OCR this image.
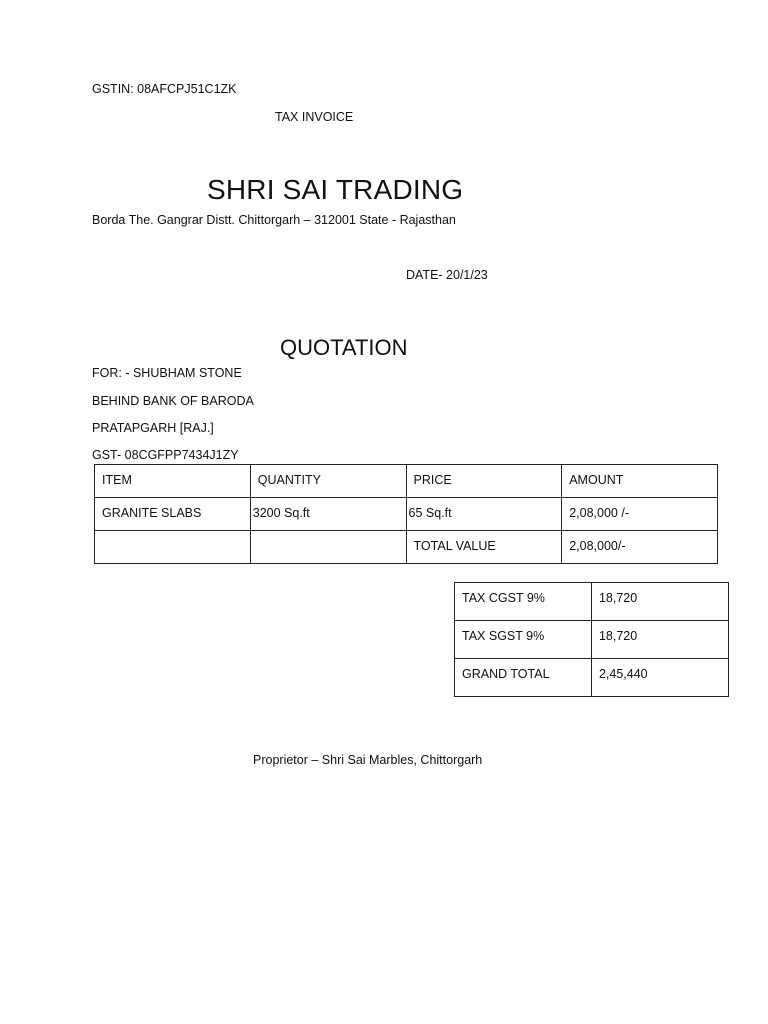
GSTIN: 08AFCPJ51C1ZK
TAX INVOICE
SHRI SAI TRADING
Borda The. Gangrar Distt. Chittorgarh – 312001 State - Rajasthan
DATE- 20/1/23
QUOTATION
FOR: - SHUBHAM STONE
BEHIND BANK OF BARODA
PRATAPGARH [RAJ.]
GST- 08CGFPP7434J1ZY
ITEM	QUANTITY	PRICE	AMOUNT

GRANITE SLABS	3200 Sq.ft	65 Sq.ft	2,08,000 /-

		TOTAL VALUE	2,08,000/-
TAX CGST 9%	18,720

TAX SGST 9%	18,720

GRAND TOTAL	2,45,440
Proprietor – Shri Sai Marbles, Chittorgarh
